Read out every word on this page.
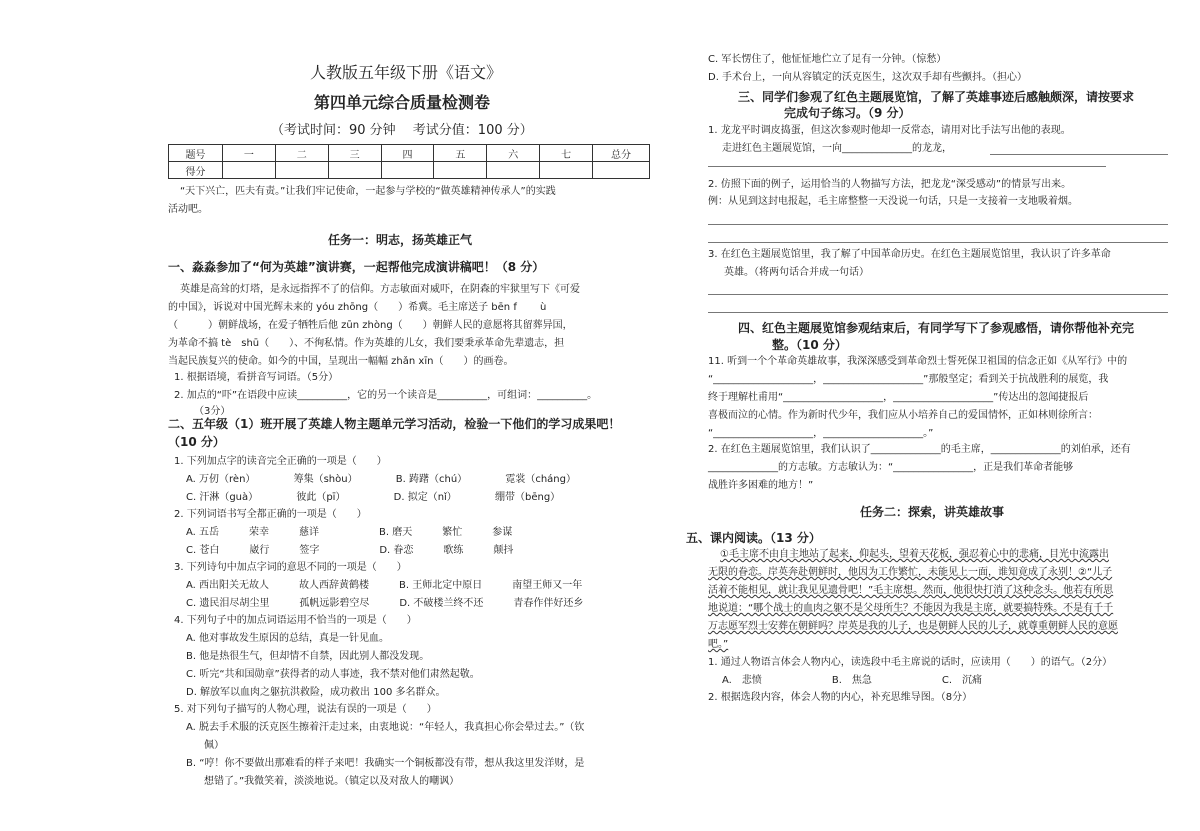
人教版五年级下册《语文》
第四单元综合质量检测卷
（考试时间：90 分钟　 考试分值：100 分）
题号	一	二	三	四	五	六	七	总分
得分								
“天下兴亡，匹夫有责。”让我们牢记使命，一起参与学校的“做英雄精神传承人”的实践
活动吧。
任务一：明志，扬英雄正气
一、淼淼参加了“何为英雄”演讲赛，一起帮他完成演讲稿吧！（8 分）
英雄是高耸的灯塔，是永远指挥不了的信仰。方志敏面对威吓，在阴森的牢狱里写下《可爱
的中国》，诉说对中国光辉未来的 yóu zhōng（　　）希冀。毛主席送子 bēn f　　 ù
（　　　）朝鲜战场，在爱子牺牲后他 zūn zhòng（　　）朝鲜人民的意愿将其留葬异国，
为革命不搞 tè　shū（　　）、不徇私情。作为英雄的儿女，我们要秉承革命先辈遗志，担
当起民族复兴的使命。如今的中国，呈现出一幅幅 zhǎn xīn（　　）的画卷。
1. 根据语境，看拼音写词语。（5分）
2. 加点的“吓”在语段中应读__________，它的另一个读音是__________，可组词：__________。
（3分）
二、五年级（1）班开展了英雄人物主题单元学习活动，检验一下他们的学习成果吧！
（10 分）
1. 下列加点字的读音完全正确的一项是（　　）
A. 万仞（rèn）　　　　 筹集（shòu）　　　　 B. 踌躇（chú）　　　　 霓裳（cháng）
C. 汗淋（guà）　　　　 彼此（pī）　　　　　 D. 拟定（nǐ）　　　　 绷带（bēng）
2. 下列词语书写全都正确的一项是（　　）
A. 五岳　　　荣幸　　　慈详　　　　　　B. 磨天　　　繁忙　　　参谋
C. 苍白　　　崴行　　　签字　　　　　　D. 眷恋　　　歌练　　　颠抖
3. 下列诗句中加点字词的意思不同的一项是（　　）
A. 西出阳关无故人　　　故人西辞黄鹤楼　　　B. 王师北定中原日　　　南望王师又一年
C. 遗民泪尽胡尘里　　　孤帆远影碧空尽　　　D. 不破楼兰终不还　　　青春作伴好还乡
4. 下列句子中的加点词语运用不恰当的一项是（　　）
A. 他对事故发生原因的总结，真是一针见血。
B. 他是热很生气，但却情不自禁，因此别人都没发现。
C. 听完“共和国勋章”获得者的动人事迹，我不禁对他们肃然起敬。
D. 解放军以血肉之躯抗洪救险，成功救出 100 多名群众。
5. 对下列句子描写的人物心理，说法有误的一项是（　　）
A. 脱去手术服的沃克医生擦着汗走过来，由衷地说：“年轻人，我真担心你会晕过去。”（钦
佩）
B. “哼！你不要做出那难看的样子来吧！我确实一个铜板都没有带，想从我这里发洋财，是
想错了。”我微笑着，淡淡地说。（镇定以及对敌人的嘲讽）
C. 军长愣住了，他怔怔地伫立了足有一分钟。（惊愁）
D. 手术台上，一向从容镇定的沃克医生，这次双手却有些颤抖。（担心）
三、同学们参观了红色主题展览馆，了解了英雄事迹后感触颇深，请按要求
完成句子练习。（9 分）
1. 龙龙平时调皮捣蛋，但这次参观时他却一反常态，请用对比手法写出他的表现。
走进红色主题展览馆，一向______________的龙龙，
2. 仿照下面的例子，运用恰当的人物描写方法，把龙龙“深受感动”的情景写出来。
例：从见到这封电报起，毛主席整整一天没说一句话，只是一支接着一支地吸着烟。
3. 在红色主题展览馆里，我了解了中国革命历史。在红色主题展览馆里，我认识了许多革命
英雄。（将两句话合并成一句话）
四、红色主题展览馆参观结束后，有同学写下了参观感悟，请你帮他补充完
整。（10 分）
11. 听到一个个革命英雄故事，我深深感受到革命烈士誓死保卫祖国的信念正如《从军行》中的
“____________________，____________________”那般坚定；看到关于抗战胜利的展览，我
终于理解杜甫用“____________________，____________________”传达出的忽闻捷报后
喜极而泣的心情。作为新时代少年，我们应从小培养自己的爱国情怀，正如林则徐所言：
“____________________，____________________。”
2. 在红色主题展览馆里，我们认识了______________的毛主席，______________的刘伯承，还有
______________的方志敏。方志敏认为：“________________，正是我们革命者能够
战胜许多困难的地方！”
任务二：探索，讲英雄故事
五、课内阅读。（13 分）
①毛主席不由自主地站了起来，仰起头，望着天花板，强忍着心中的悲痛，目光中流露出
无限的眷恋。岸英奔赴朝鲜时，他因为工作繁忙，未能见上一面，谁知竟成了永别！②“儿子
活着不能相见，就让我见见遗骨吧！”毛主席想。然而，他很快打消了这种念头。他若有所思
地说道：“哪个战士的血肉之躯不是父母所生？不能因为我是主席，就要搞特殊。不是有千千
万志愿军烈士安葬在朝鲜吗？岸英是我的儿子，也是朝鲜人民的儿子，就尊重朝鲜人民的意愿
吧。”
1. 通过人物语言体会人物内心，读选段中毛主席说的话时，应读用（　　）的语气。（2分）
A.　悲愤　　　　　　　B.　焦急　　　　　　　C.　沉痛
2. 根据选段内容，体会人物的内心，补充思维导图。（8分）
